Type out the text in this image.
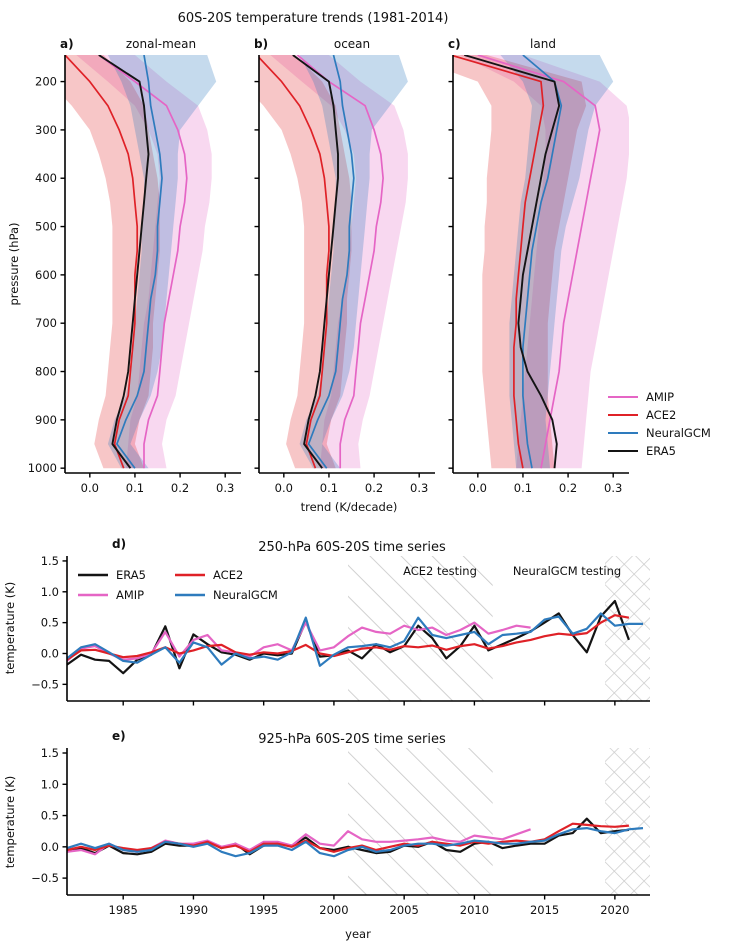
200
300
400
500
600
700
800
900
1000
0.0 0.1 0.2 0.3	0.0 0.1 0.2 0.3	0.0 0.1 0.2 0.3
1.5
1.0
0.5
0.0
−0.5
1.5
1.0
0.5
0.0
−0.5
1985	1990	1995	2000	2005	2010	2015	2020
60S-20S temperature trends (1981-2014)
a)	zonal-mean	b)	ocean	c)	land
pressure (hPa)
trend (K/decade)
AMIP
ACE2
NeuralGCM
ERA5
d)	250-hPa 60S-20S time series
ERA5
AMIP
ACE2
NeuralGCM
ACE2 testing	NeuralGCM testing
temperature (K)
e)	925-hPa 60S-20S time series
temperature (K)
year
